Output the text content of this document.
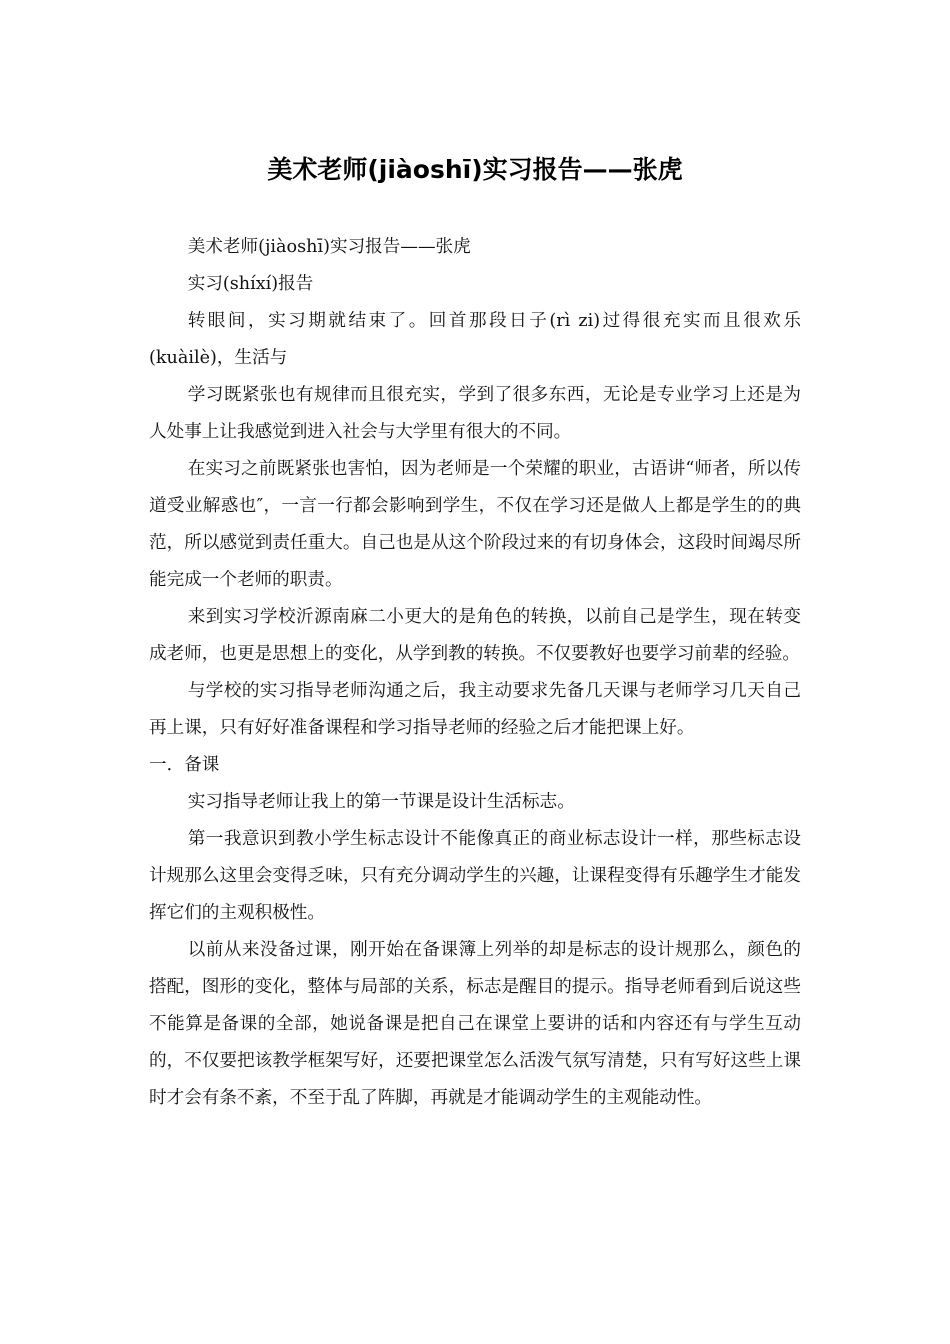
美术老师(jiàoshī)实习报告——张虎

美术老师(jiàoshī)实习报告——张虎

实习(shíxí)报告

转眼间，实习期就结束了。回首那段日子(rì zi)过得很充实而且很欢乐(kuàilè)，生活与

学习既紧张也有规律而且很充实，学到了很多东西，无论是专业学习上还是为人处事上让我感觉到进入社会与大学里有很大的不同。

在实习之前既紧张也害怕，因为老师是一个荣耀的职业，古语讲“师者，所以传道受业解惑也″，一言一行都会影响到学生，不仅在学习还是做人上都是学生的的典范，所以感觉到责任重大。自己也是从这个阶段过来的有切身体会，这段时间竭尽所能完成一个老师的职责。

来到实习学校沂源南麻二小更大的是角色的转换，以前自己是学生，现在转变成老师，也更是思想上的变化，从学到教的转换。不仅要教好也要学习前辈的经验。

与学校的实习指导老师沟通之后，我主动要求先备几天课与老师学习几天自己再上课，只有好好准备课程和学习指导老师的经验之后才能把课上好。

一．备课

实习指导老师让我上的第一节课是设计生活标志。

第一我意识到教小学生标志设计不能像真正的商业标志设计一样，那些标志设计规那么这里会变得乏味，只有充分调动学生的兴趣，让课程变得有乐趣学生才能发挥它们的主观积极性。

以前从来没备过课，刚开始在备课簿上列举的却是标志的设计规那么，颜色的搭配，图形的变化，整体与局部的关系，标志是醒目的提示。指导老师看到后说这些不能算是备课的全部，她说备课是把自己在课堂上要讲的话和内容还有与学生互动的，不仅要把该教学框架写好，还要把课堂怎么活泼气氛写清楚，只有写好这些上课时才会有条不紊，不至于乱了阵脚，再就是才能调动学生的主观能动性。
